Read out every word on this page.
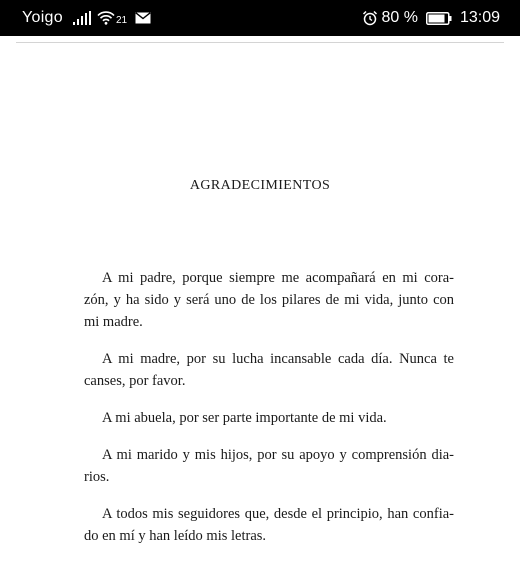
Yoigo	21	80 %	13:09
AGRADECIMIENTOS

A mi padre, porque siempre me acompañará en mi cora-
zón, y ha sido y será uno de los pilares de mi vida, junto con
mi madre.

A mi madre, por su lucha incansable cada día. Nunca te
canses, por favor.

A mi abuela, por ser parte importante de mi vida.

A mi marido y mis hijos, por su apoyo y comprensión dia-
rios.

A todos mis seguidores que, desde el principio, han confia-
do en mí y han leído mis letras.
